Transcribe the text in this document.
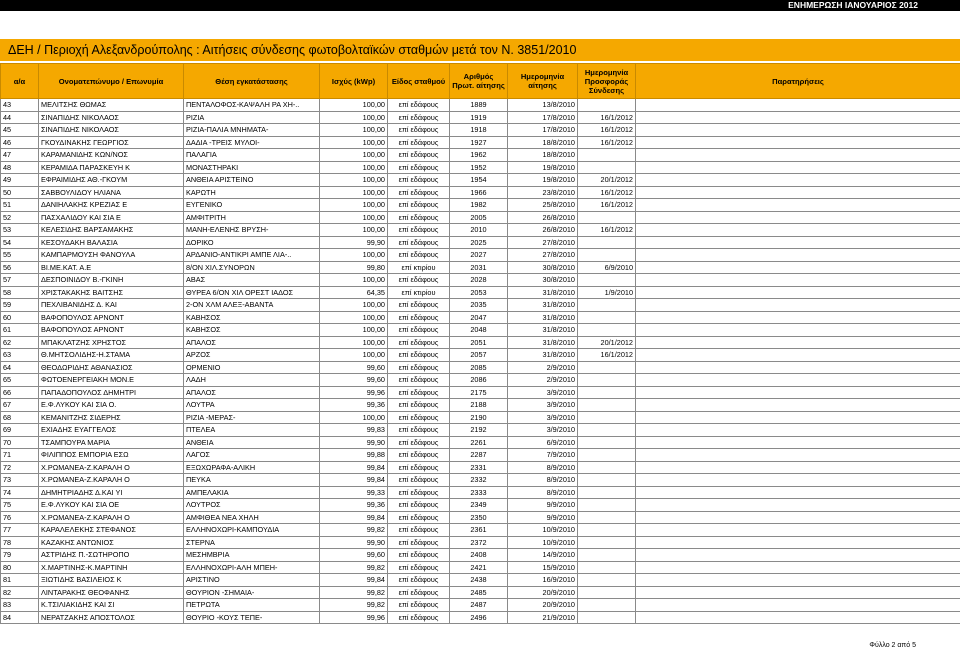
ΕΝΗΜΕΡΩΣΗ ΙΑΝΟΥΑΡΙΟΣ 2012
ΔΕΗ / Περιοχή Αλεξανδρούπολης : Αιτήσεις σύνδεσης φωτοβολταϊκών σταθμών μετά τον Ν. 3851/2010
α/α	Ονοματεπώνυμο / Επωνυμία	Θέση εγκατάστασης	Ισχύς (kWp)	Είδος σταθμού	Αριθμός Πρωτ. αίτησης	Ημερομηνία αίτησης	Ημερομηνία Προσφοράς Σύνδεσης	Παρατηρήσεις
43	ΜΕΛΙΤΣΗΣ ΘΩΜΑΣ	ΠΕΝΤΑΛΟΦΟΣ-ΚΑΨΑΛΗ ΡΑ ΧΗ-..	100,00	επί εδάφους	1889	13/8/2010		
44	ΣΙΝΑΠΙΔΗΣ ΝΙΚΟΛΑΟΣ	ΡΙΖΙΑ	100,00	επί εδάφους	1919	17/8/2010	16/1/2012	
45	ΣΙΝΑΠΙΔΗΣ ΝΙΚΟΛΑΟΣ	ΡΙΖΙΑ-ΠΑΛΙΑ ΜΝΗΜΑΤΑ-	100,00	επί εδάφους	1918	17/8/2010	16/1/2012	
46	ΓΚΟΥΔΙΝΑΚΗΣ ΓΕΩΡΓΙΟΣ	ΔΑΔΙΑ -ΤΡΕΙΣ ΜΥΛΟΙ-	100,00	επί εδάφους	1927	18/8/2010	16/1/2012	
47	ΚΑΡΑΜΑΝΙΔΗΣ ΚΩΝ/ΝΟΣ	ΠΑΛΑΓΙΑ	100,00	επί εδάφους	1962	18/8/2010		
48	ΚΕΡΑΜΙΔΑ ΠΑΡΑΣΚΕΥΗ Κ	ΜΟΝΑΣΤΗΡΑΚΙ	100,00	επί εδάφους	1952	19/8/2010		
49	ΕΦΡΑΙΜΙΔΗΣ ΑΘ.-ΓΚΟΥΜ	ΑΝΘΕΙΑ ΑΡΙΣΤΕΙΝΟ	100,00	επί εδάφους	1954	19/8/2010	20/1/2012	
50	ΣΑΒΒΟΥΛΙΔΟΥ ΗΛΙΑΝΑ	ΚΑΡΩΤΗ	100,00	επί εδάφους	1966	23/8/2010	16/1/2012	
51	ΔΑΝΙΗΛΑΚΗΣ ΚΡΕΖΙΑΣ Ε	ΕΥΓΕΝΙΚΟ	100,00	επί εδάφους	1982	25/8/2010	16/1/2012	
52	ΠΑΣΧΑΛΙΔΟΥ ΚΑΙ ΣΙΑ Ε	ΑΜΦΙΤΡΙΤΗ	100,00	επί εδάφους	2005	26/8/2010		
53	ΚΕΛΕΣΙΔΗΣ ΒΑΡΣΑΜΑΚΗΣ	ΜΑΝΗ-ΕΛΕΝΗΣ ΒΡΥΣΗ-	100,00	επί εδάφους	2010	26/8/2010	16/1/2012	
54	ΚΕΣΟΥΔΑΚΗ ΒΑΛΑΣΙΑ	ΔΟΡΙΚΟ	99,90	επί εδάφους	2025	27/8/2010		
55	ΚΑΜΠΑΡΜΟΥΣΗ ΦΑΝΟΥΛΑ	ΑΡΔΑΝΙΟ-ΑΝΤΙΚΡΙ ΑΜΠΕ ΛΙΑ-..	100,00	επί εδάφους	2027	27/8/2010		
56	ΒΙ.ΜΕ.ΚΑΤ. Α.Ε	8/ΟΝ ΧΙΛ.ΣΥΝΟΡΩΝ	99,80	επί κτιρίου	2031	30/8/2010	6/9/2010	
57	ΔΕΣΠΟΙΝΙΔΟΥ Β.-ΓΚΙΝΗ	ΑΒΑΣ	100,00	επί εδάφους	2028	30/8/2010		
58	ΧΡΙΣΤΑΚΑΚΗΣ ΒΑΙΤΣΗΣ	ΘΥΡΕΑ 6/ΟΝ ΧΙΛ ΟΡΕΣΤ ΙΑΔΟΣ	64,35	επί κτιρίου	2053	31/8/2010	1/9/2010	
59	ΠΕΧΛΙΒΑΝΙΔΗΣ Δ. ΚΑΙ	2-ΟΝ ΧΛΜ ΑΛΕΞ-ΑΒΑΝΤΑ	100,00	επί εδάφους	2035	31/8/2010		
60	ΒΑΦΟΠΟΥΛΟΣ ΑΡΝΟΝΤ	ΚΑΒΗΣΟΣ	100,00	επί εδάφους	2047	31/8/2010		
61	ΒΑΦΟΠΟΥΛΟΣ ΑΡΝΟΝΤ	ΚΑΒΗΣΟΣ	100,00	επί εδάφους	2048	31/8/2010		
62	ΜΠΑΚΛΑΤΖΗΣ ΧΡΗΣΤΟΣ	ΑΠΑΛΟΣ	100,00	επί εδάφους	2051	31/8/2010	20/1/2012	
63	Θ.ΜΗΤΣΟΛΙΔΗΣ-Η.ΣΤΑΜΑ	ΑΡΖΟΣ	100,00	επί εδάφους	2057	31/8/2010	16/1/2012	
64	ΘΕΟΔΩΡΙΔΗΣ ΑΘΑΝΑΣΙΟΣ	ΟΡΜΕΝΙΟ	99,60	επί εδάφους	2085	2/9/2010		
65	ΦΩΤΟΕΝΕΡΓΕΙΑΚΗ ΜΟΝ.Ε	ΛΑΔΗ	99,60	επί εδάφους	2086	2/9/2010		
66	ΠΑΠΑΔΟΠΟΥΛΟΣ ΔΗΜΗΤΡΙ	ΑΠΑΛΟΣ	99,96	επί εδάφους	2175	3/9/2010		
67	Ε.Φ.ΛΥΚΟΥ ΚΑΙ ΣΙΑ Ο.	ΛΟΥΤΡΑ	99,36	επί εδάφους	2188	3/9/2010		
68	ΚΕΜΑΝΙΤΖΗΣ ΣΙΔΕΡΗΣ	ΡΙΖΙΑ -ΜΕΡΑΣ-	100,00	επί εδάφους	2190	3/9/2010		
69	ΕΧΙΑΔΗΣ ΕΥΑΓΓΕΛΟΣ	ΠΤΕΛΕΑ	99,83	επί εδάφους	2192	3/9/2010		
70	ΤΣΑΜΠΟΥΡΑ ΜΑΡΙΑ	ΑΝΘΕΙΑ	99,90	επί εδάφους	2261	6/9/2010		
71	ΦΙΛΙΠΠΟΣ ΕΜΠΟΡΙΑ ΕΣΩ	ΛΑΓΟΣ	99,88	επί εδάφους	2287	7/9/2010		
72	Χ.ΡΩΜΑΝΕΑ-Ζ.ΚΑΡΑΛΗ Ο	ΕΞΩΧΩΡΑΦΑ-ΑΛΙΚΗ	99,84	επί εδάφους	2331	8/9/2010		
73	Χ.ΡΩΜΑΝΕΑ-Ζ.ΚΑΡΑΛΗ Ο	ΠΕΥΚΑ	99,84	επί εδάφους	2332	8/9/2010		
74	ΔΗΜΗΤΡΙΑΔΗΣ Δ.ΚΑΙ ΥΙ	ΑΜΠΕΛΑΚΙΑ	99,33	επί εδάφους	2333	8/9/2010		
75	Ε.Φ.ΛΥΚΟΥ ΚΑΙ ΣΙΑ ΟΕ	ΛΟΥΤΡΟΣ	99,36	επί εδάφους	2349	9/9/2010		
76	Χ.ΡΩΜΑΝΕΑ-Ζ.ΚΑΡΑΛΗ Ο	ΑΜΦΙΘΕΑ ΝΕΑ ΧΗΛΗ	99,84	επί εδάφους	2350	9/9/2010		
77	ΚΑΡΑΛΕΛΕΚΗΣ ΣΤΕΦΑΝΟΣ	ΕΛΛΗΝΟΧΩΡΙ-ΚΑΜΠΟΥΔΙΑ	99,82	επί εδάφους	2361	10/9/2010		
78	ΚΑΖΑΚΗΣ ΑΝΤΩΝΙΟΣ	ΣΤΕΡΝΑ	99,90	επί εδάφους	2372	10/9/2010		
79	ΑΣΤΡΙΔΗΣ Π.-ΣΩΤΗΡΟΠΟ	ΜΕΣΗΜΒΡΙΑ	99,60	επί εδάφους	2408	14/9/2010		
80	Χ.ΜΑΡΤΙΝΗΣ-Κ.ΜΑΡΤΙΝΗ	ΕΛΛΗΝΟΧΩΡΙ-ΑΛΗ ΜΠΕΗ-	99,82	επί εδάφους	2421	15/9/2010		
81	ΞΙΩΤΙΔΗΣ ΒΑΣΙΛΕΙΟΣ Κ	ΑΡΙΣΤΙΝΟ	99,84	επί εδάφους	2438	16/9/2010		
82	ΛΙΝΤΑΡΑΚΗΣ ΘΕΟΦΑΝΗΣ	ΘΟΥΡΙΟΝ -ΣΗΜΑΙΑ-	99,82	επί εδάφους	2485	20/9/2010		
83	Κ.ΤΣΙΛΙΑΚΙΔΗΣ ΚΑΙ ΣΙ	ΠΕΤΡΩΤΑ	99,82	επί εδάφους	2487	20/9/2010		
84	ΝΕΡΑΤΖΑΚΗΣ ΑΠΟΣΤΟΛΟΣ	ΘΟΥΡΙΟ -ΚΟΥΣ ΤΕΠΕ-	99,96	επί εδάφους	2496	21/9/2010		
Φύλλο 2 από 5
